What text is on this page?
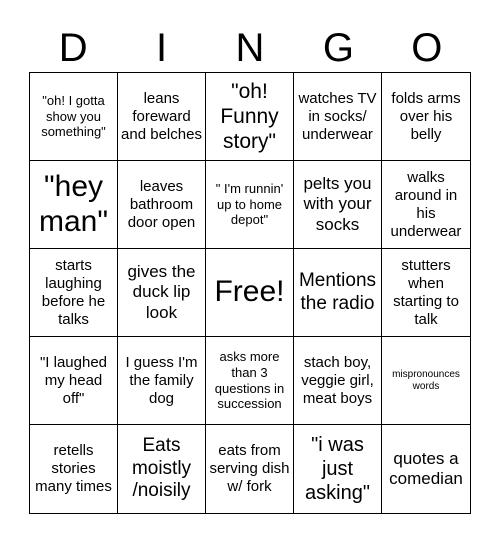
D	I	N	G	O
"oh! I gotta show you something"
leans foreward and belches
"oh! Funny story"
watches TV in socks/ underwear
folds arms over his belly
"hey man"
leaves bathroom door open
" I'm runnin' up to home depot"
pelts you with your socks
walks around in his underwear
starts laughing before he talks
gives the duck lip look
Free! Mentions the radio
stutters when starting to talk
"I laughed my head off"
I guess I'm the family dog
asks more than 3 questions in succession
stach boy, veggie girl, meat boys
mispronounces words
retells stories many times
Eats moistly /noisily
eats from serving dish w/ fork
"i was just asking"
quotes a comedian
